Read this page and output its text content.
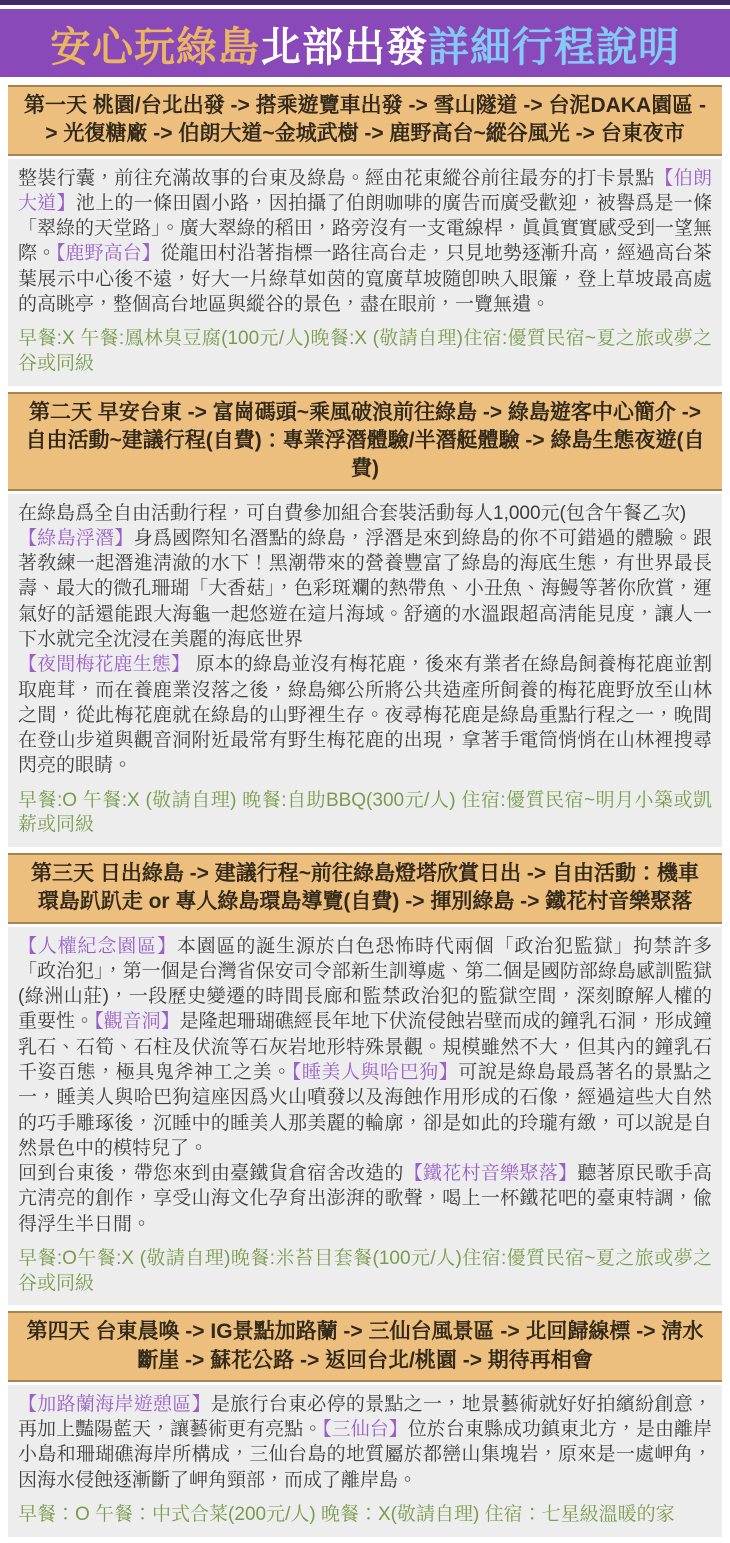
安心玩綠島 北部出發 詳細行程說明
第一天 桃園/台北出發 -> 搭乘遊覽車出發 -> 雪山隧道 -> 台泥DAKA園區 -> 光復糖廠 -> 伯朗大道~金城武樹 -> 鹿野高台~縱谷風光 -> 台東夜市

整裝行囊，前往充滿故事的台東及綠島。經由花東縱谷前往最夯的打卡景點【伯朗大道】池上的一條田園小路，因拍攝了伯朗咖啡的廣告而廣受歡迎，被譽爲是一條「翠綠的天堂路」。廣大翠綠的稻田，路旁沒有一支電線桿，眞眞實實感受到一望無際。【鹿野高台】從龍田村沿著指標一路往高台走，只見地勢逐漸升高，經過高台茶葉展示中心後不遠，好大一片綠草如茵的寬廣草坡隨卽映入眼簾，登上草坡最高處的高眺亭，整個高台地區與縱谷的景色，盡在眼前，一覽無遺。

早餐:X 午餐:鳳林臭豆腐(100元/人)晚餐:X (敬請自理)住宿:優質民宿~夏之旅或夢之谷或同級
第二天 早安台東 -> 富崗碼頭~乘風破浪前往綠島 -> 綠島遊客中心簡介 -> 自由活動~建議行程(自費)：專業浮潛體驗/半潛艇體驗 -> 綠島生態夜遊(自費)

在綠島爲全自由活動行程，可自費參加組合套裝活動每人1,000元(包含午餐乙次)

【綠島浮潛】身爲國際知名潛點的綠島，浮潛是來到綠島的你不可錯過的體驗。跟著敎練一起潛進淸澈的水下！黑潮帶來的營養豐富了綠島的海底生態，有世界最長壽、最大的微孔珊瑚「大香菇」，色彩斑斕的熱帶魚、小丑魚、海鰻等著你欣賞，運氣好的話還能跟大海龜一起悠遊在這片海域。舒適的水溫跟超高淸能見度，讓人一下水就完全沈浸在美麗的海底世界

【夜間梅花鹿生態】 原本的綠島並沒有梅花鹿，後來有業者在綠島飼養梅花鹿並割取鹿茸，而在養鹿業沒落之後，綠島鄉公所將公共造產所飼養的梅花鹿野放至山林之間，從此梅花鹿就在綠島的山野裡生存。夜尋梅花鹿是綠島重點行程之一，晚間在登山步道與觀音洞附近最常有野生梅花鹿的出現，拿著手電筒悄悄在山林裡搜尋閃亮的眼睛。

早餐:O 午餐:X (敬請自理) 晚餐:自助BBQ(300元/人) 住宿:優質民宿~明月小築或凱薪或同級
第三天 日出綠島 -> 建議行程~前往綠島燈塔欣賞日出 -> 自由活動：機車環島趴趴走 or 專人綠島環島導覽(自費) -> 揮別綠島 -> 鐵花村音樂聚落

【人權紀念園區】本園區的誕生源於白色恐怖時代兩個「政治犯監獄」拘禁許多「政治犯」，第一個是台灣省保安司令部新生訓導處、第二個是國防部綠島感訓監獄(綠洲山莊)，一段歷史變遷的時間長廊和監禁政治犯的監獄空間，深刻瞭解人權的重要性。【觀音洞】是隆起珊瑚礁經長年地下伏流侵蝕岩壁而成的鐘乳石洞，形成鐘乳石、石筍、石柱及伏流等石灰岩地形特殊景觀。規模雖然不大，但其內的鐘乳石千姿百態，極具鬼斧神工之美。【睡美人與哈巴狗】可說是綠島最爲著名的景點之一，睡美人與哈巴狗這座因爲火山噴發以及海蝕作用形成的石像，經過這些大自然的巧手雕琢後，沉睡中的睡美人那美麗的輪廓，卻是如此的玲瓏有緻，可以說是自然景色中的模特兒了。

回到台東後，帶您來到由臺鐵貨倉宿舍改造的【鐵花村音樂聚落】聽著原民歌手高亢淸亮的創作，享受山海文化孕育出澎湃的歌聲，喝上一杯鐵花吧的臺東特調，偸得浮生半日閒。

早餐:O午餐:X (敬請自理)晚餐:米苔目套餐(100元/人)住宿:優質民宿~夏之旅或夢之谷或同級
第四天 台東晨喚 -> IG景點加路蘭 -> 三仙台風景區 -> 北回歸線標 -> 淸水斷崖 -> 蘇花公路 -> 返回台北/桃園 -> 期待再相會

【加路蘭海岸遊憩區】是旅行台東必停的景點之一，地景藝術就好好拍繽紛創意，再加上豔陽藍天，讓藝術更有亮點。【三仙台】位於台東縣成功鎮東北方，是由離岸小島和珊瑚礁海岸所構成，三仙台島的地質屬於都巒山集塊岩，原來是一處岬角，因海水侵蝕逐漸斷了岬角頸部，而成了離岸島。

早餐：O 午餐：中式合菜(200元/人) 晚餐：X(敬請自理) 住宿：七星級溫暖的家
